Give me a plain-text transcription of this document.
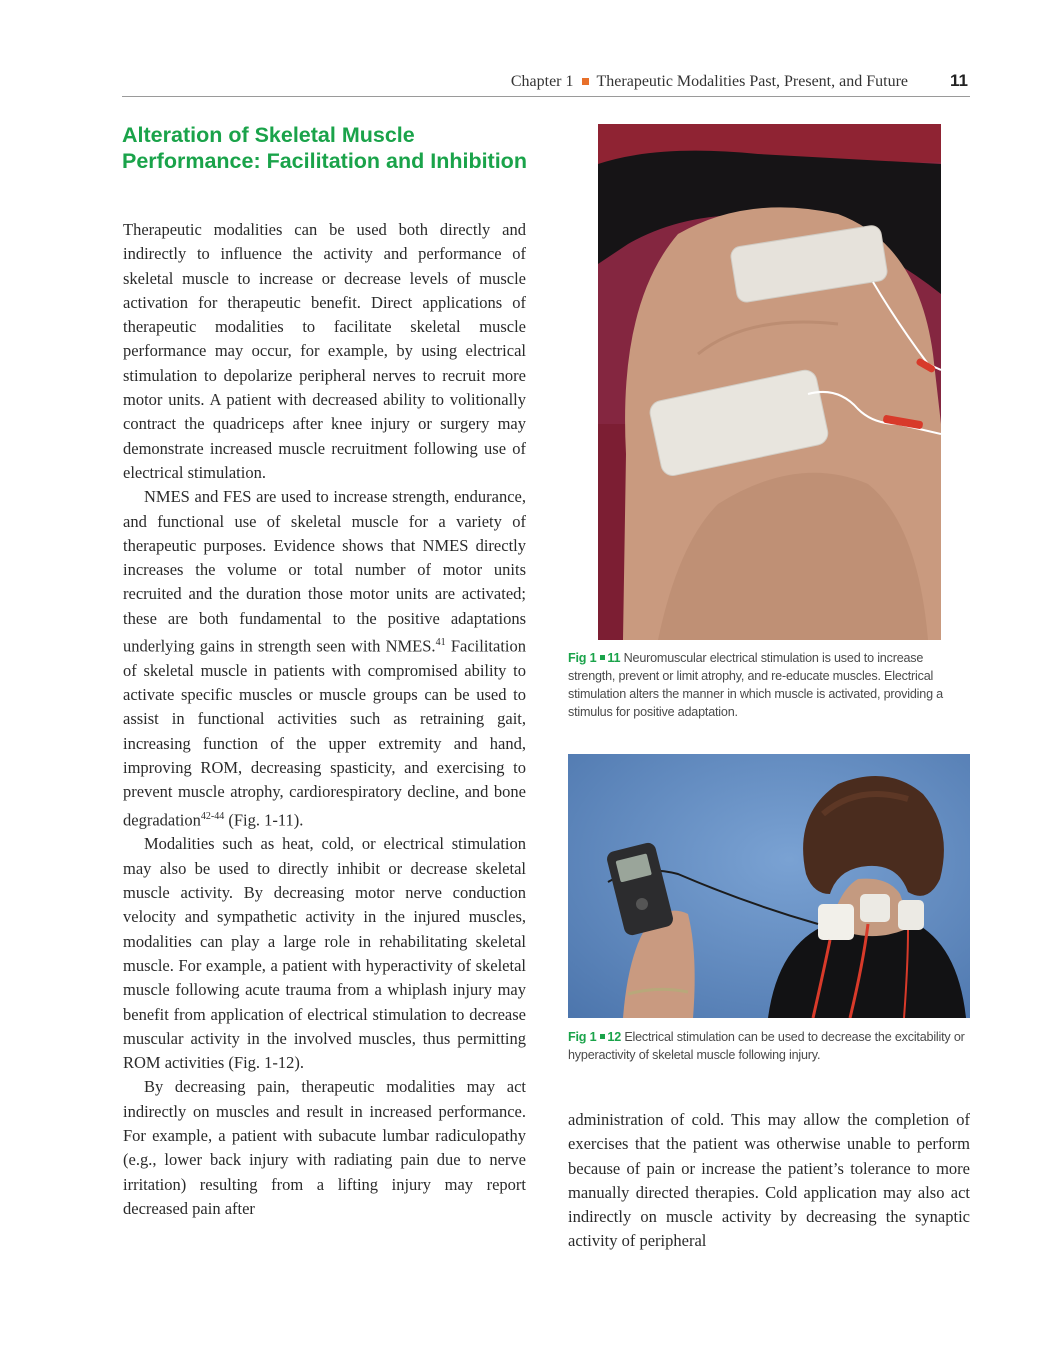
Chapter 1 Therapeutic Modalities Past, Present, and Future 11
Alteration of Skeletal Muscle Performance: Facilitation and Inhibition

Therapeutic modalities can be used both directly and indirectly to influence the activity and performance of skeletal muscle to increase or decrease levels of muscle activation for therapeutic benefit. Direct applications of therapeutic modalities to facilitate skeletal muscle performance may occur, for example, by using electrical stimulation to depolarize peripheral nerves to recruit more motor units. A patient with decreased ability to volitionally contract the quadriceps after knee injury or surgery may demonstrate increased muscle recruitment following use of electrical stimulation.

NMES and FES are used to increase strength, endurance, and functional use of skeletal muscle for a variety of therapeutic purposes. Evidence shows that NMES directly increases the volume or total number of motor units recruited and the duration those motor units are activated; these are both fundamental to the positive adaptations underlying gains in strength seen with NMES.$^{41}$ Facilitation of skeletal muscle in patients with compromised ability to activate specific muscles or muscle groups can be used to assist in functional activities such as retraining gait, increasing function of the upper extremity and hand, improving ROM, decreasing spasticity, and exercising to prevent muscle atrophy, cardiorespiratory decline, and bone degradation$^{42-44}$ (Fig. 1-11).

Modalities such as heat, cold, or electrical stimulation may also be used to directly inhibit or decrease skeletal muscle activity. By decreasing motor nerve conduction velocity and sympathetic activity in the injured muscles, modalities can play a large role in rehabilitating skeletal muscle. For example, a patient with hyperactivity of skeletal muscle following acute trauma from a whiplash injury may benefit from application of electrical stimulation to decrease muscular activity in the involved muscles, thus permitting ROM activities (Fig. 1-12).

By decreasing pain, therapeutic modalities may act indirectly on muscles and result in increased performance. For example, a patient with subacute lumbar radiculopathy (e.g., lower back injury with radiating pain due to nerve irritation) resulting from a lifting injury may report decreased pain after

Fig 1 11 Neuromuscular electrical stimulation is used to increase strength, prevent or limit atrophy, and re-educate muscles. Electrical stimulation alters the manner in which muscle is activated, providing a stimulus for positive adaptation.

Fig 1 12 Electrical stimulation can be used to decrease the excitability or hyperactivity of skeletal muscle following injury.

administration of cold. This may allow the completion of exercises that the patient was otherwise unable to perform because of pain or increase the patient’s tolerance to more manually directed therapies. Cold application may also act indirectly on muscle activity by decreasing the synaptic activity of peripheral
